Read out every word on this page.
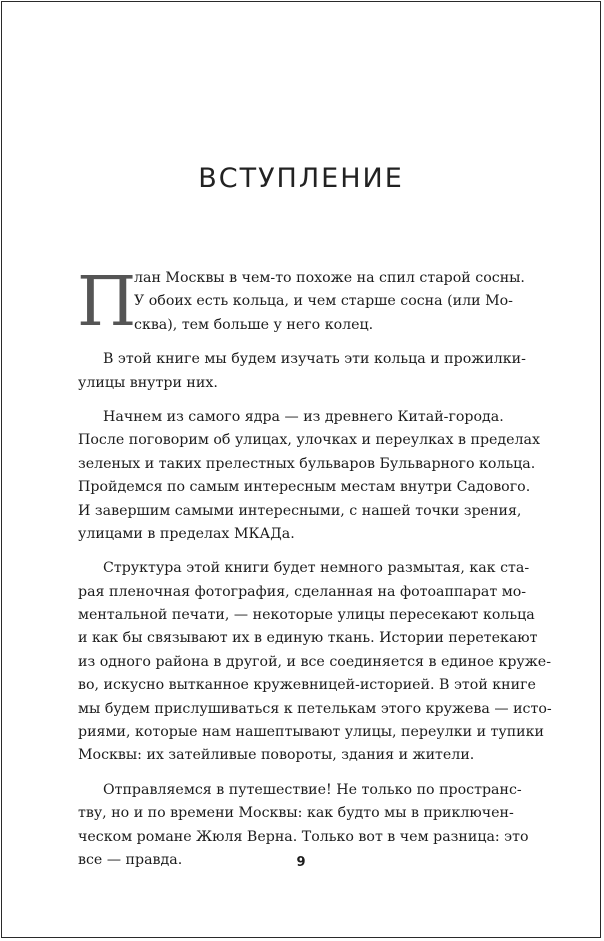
ВСТУПЛЕНИЕ
П
лан Москвы в чем-то похоже на спил старой сосны.
У обоих есть кольца, и чем старше сосна (или Мо-
сква), тем больше у него колец.
В этой книге мы будем изучать эти кольца и прожилки-
улицы внутри них.
Начнем из самого ядра — из древнего Китай-города.
После поговорим об улицах, улочках и переулках в пределах
зеленых и таких прелестных бульваров Бульварного кольца.
Пройдемся по самым интересным местам внутри Садового.
И завершим самыми интересными, с нашей точки зрения,
улицами в пределах МКАДа.
Структура этой книги будет немного размытая, как ста-
рая пленочная фотография, сделанная на фотоаппарат мо-
ментальной печати, — некоторые улицы пересекают кольца
и как бы связывают их в единую ткань. Истории перетекают
из одного района в другой, и все соединяется в единое круже-
во, искусно вытканное кружевницей-историей. В этой книге
мы будем прислушиваться к петелькам этого кружева — исто-
риями, которые нам нашептывают улицы, переулки и тупики
Москвы: их затейливые повороты, здания и жители.
Отправляемся в путешествие! Не только по пространс-
тву, но и по времени Москвы: как будто мы в приключен-
ческом романе Жюля Верна. Только вот в чем разница: это
все — правда.	9
